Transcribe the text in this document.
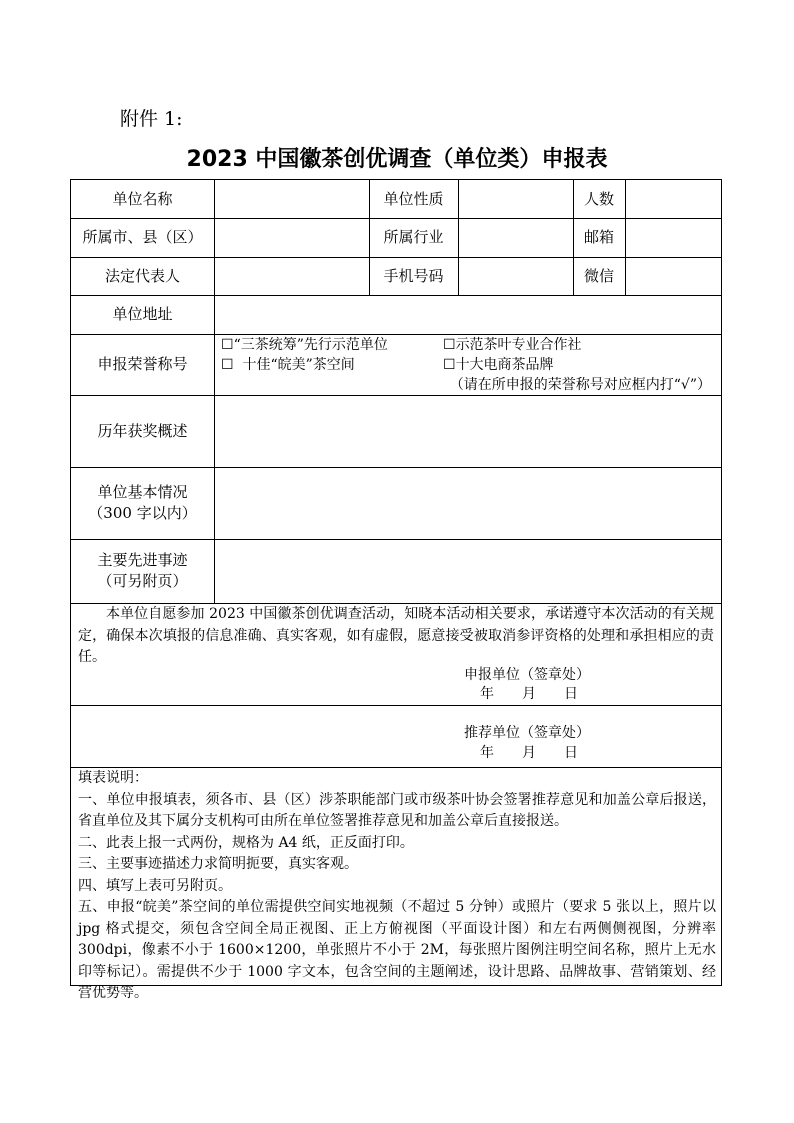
附件 1:
2023 中国徽茶创优调查（单位类）申报表
单位名称	单位性质	人数
所属市、县（区）	所属行业	邮箱
法定代表人	手机号码	微信
单位地址
申报荣誉称号
☐“三茶统筹”先行示范单位	☐示范茶叶专业合作社
☐ 十佳“皖美”茶空间	☐十大电商茶品牌
（请在所申报的荣誉称号对应框内打“√”）
历年获奖概述
单位基本情况
（300 字以内）
主要先进事迹
（可另附页）
本单位自愿参加 2023 中国徽茶创优调查活动，知晓本活动相关要求，承诺遵守本次活动的有关规定，确保本次填报的信息准确、真实客观，如有虚假，愿意接受被取消参评资格的处理和承担相应的责任。
申报单位（签章处）
年　　月　　日
推荐单位（签章处）
年　　月　　日
填表说明：
一、单位申报填表，须各市、县（区）涉茶职能部门或市级茶叶协会签署推荐意见和加盖公章后报送，省直单位及其下属分支机构可由所在单位签署推荐意见和加盖公章后直接报送。
二、此表上报一式两份，规格为 A4 纸，正反面打印。
三、主要事迹描述力求简明扼要，真实客观。
四、填写上表可另附页。
五、申报“皖美”茶空间的单位需提供空间实地视频（不超过 5 分钟）或照片（要求 5 张以上，照片以 jpg 格式提交，须包含空间全局正视图、正上方俯视图（平面设计图）和左右两侧侧视图，分辨率 300dpi，像素不小于 1600×1200，单张照片不小于 2M，每张照片图例注明空间名称，照片上无水印等标记）。需提供不少于 1000 字文本，包含空间的主题阐述，设计思路、品牌故事、营销策划、经营优势等。
